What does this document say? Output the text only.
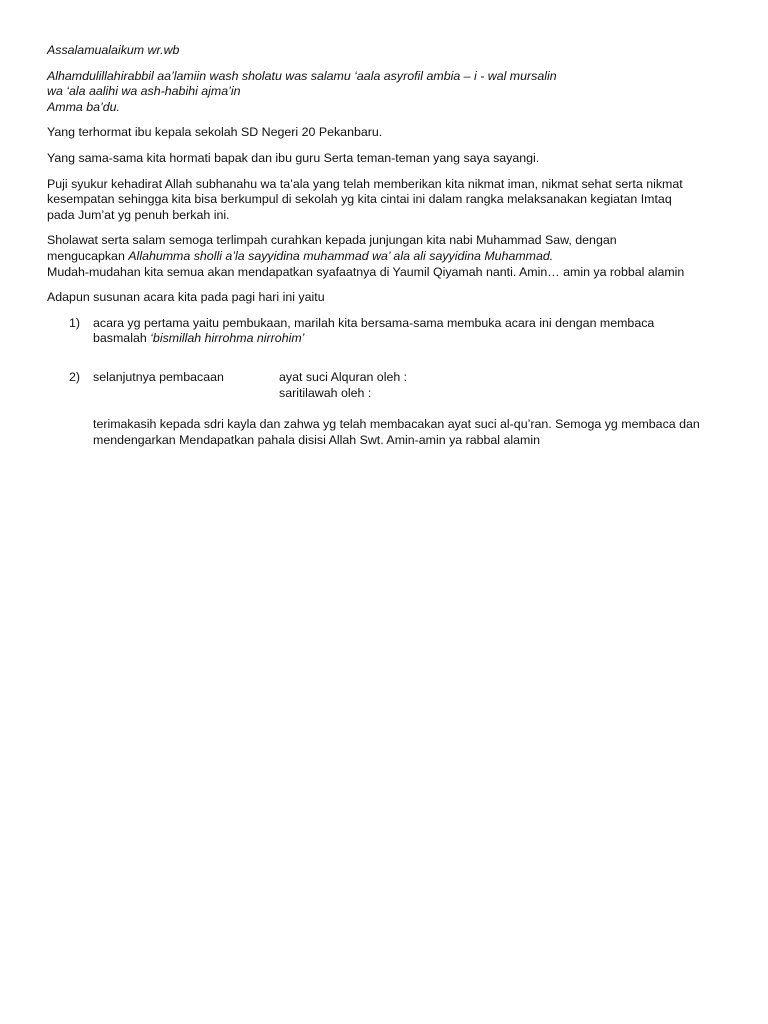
Assalamualaikum wr.wb

Alhamdulillahirabbil aa’lamiin wash sholatu was salamu ‘aala asyrofil ambia – i - wal mursalin
wa ‘ala aalihi wa ash-habihi ajma’in
Amma ba’du.

Yang terhormat ibu kepala sekolah SD Negeri 20 Pekanbaru.

Yang sama-sama kita hormati bapak dan ibu guru Serta teman-teman yang saya sayangi.

Puji syukur kehadirat Allah subhanahu wa ta’ala yang telah memberikan kita nikmat iman, nikmat sehat serta nikmat
kesempatan sehingga kita bisa berkumpul di sekolah yg kita cintai ini dalam rangka melaksanakan kegiatan Imtaq
pada Jum’at yg penuh berkah ini.

Sholawat serta salam semoga terlimpah curahkan kepada junjungan kita nabi Muhammad Saw, dengan
mengucapkan Allahumma sholli a’la sayyidina muhammad wa’ ala ali sayyidina Muhammad.
Mudah-mudahan kita semua akan mendapatkan syafaatnya di Yaumil Qiyamah nanti. Amin… amin ya robbal alamin

Adapun susunan acara kita pada pagi hari ini yaitu

1) acara yg pertama yaitu pembukaan, marilah kita bersama-sama membuka acara ini dengan membaca
basmalah ‘bismillah hirrohma nirrohim’
2) selanjutnya pembacaan	ayat suci Alquran oleh :
saritilawah oleh :

terimakasih kepada sdri kayla dan zahwa yg telah membacakan ayat suci al-qu’ran. Semoga yg membaca dan
mendengarkan Mendapatkan pahala disisi Allah Swt. Amin-amin ya rabbal alamin
